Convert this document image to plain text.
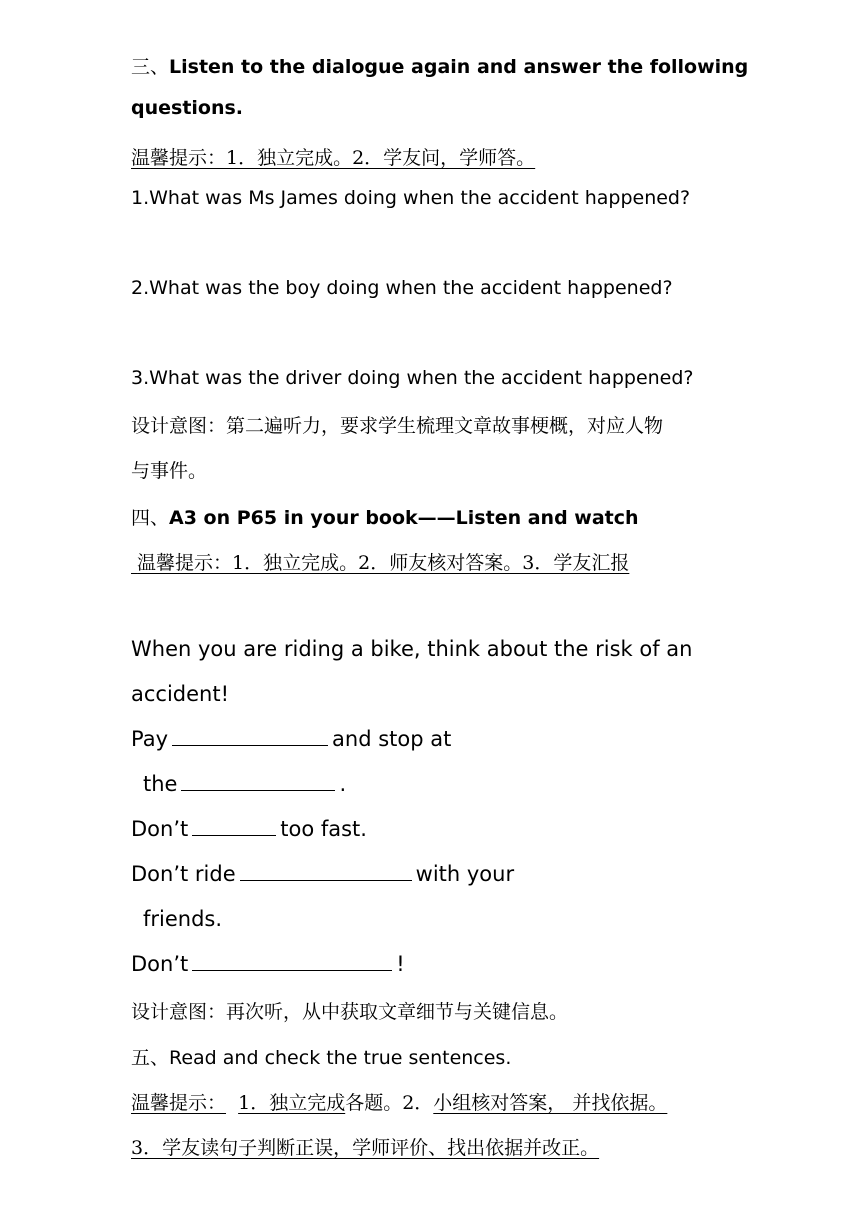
三、Listen to the dialogue again and answer the following
questions.
温馨提示：1．独立完成。2．学友问，学师答。
1.What was Ms James doing when the accident happened?
2.What was the boy doing when the accident happened?
3.What was the driver doing when the accident happened?
设计意图：第二遍听力，要求学生梳理文章故事梗概，对应人物
与事件。
四、A3 on P65 in your book——Listen and watch
温馨提示：1．独立完成。2．师友核对答案。3．学友汇报
When you are riding a bike, think about the risk of an
accident!
Pay	and stop at
the	.
Don’t	too fast.
Don’t ride	with your
friends.
Don’t	!
设计意图：再次听，从中获取文章细节与关键信息。
五、Read and check the true sentences.
温馨提示： 1．独立完成各题。2．小组核对答案， 并找依据。
3．学友读句子判断正误，学师评价、找出依据并改正。
